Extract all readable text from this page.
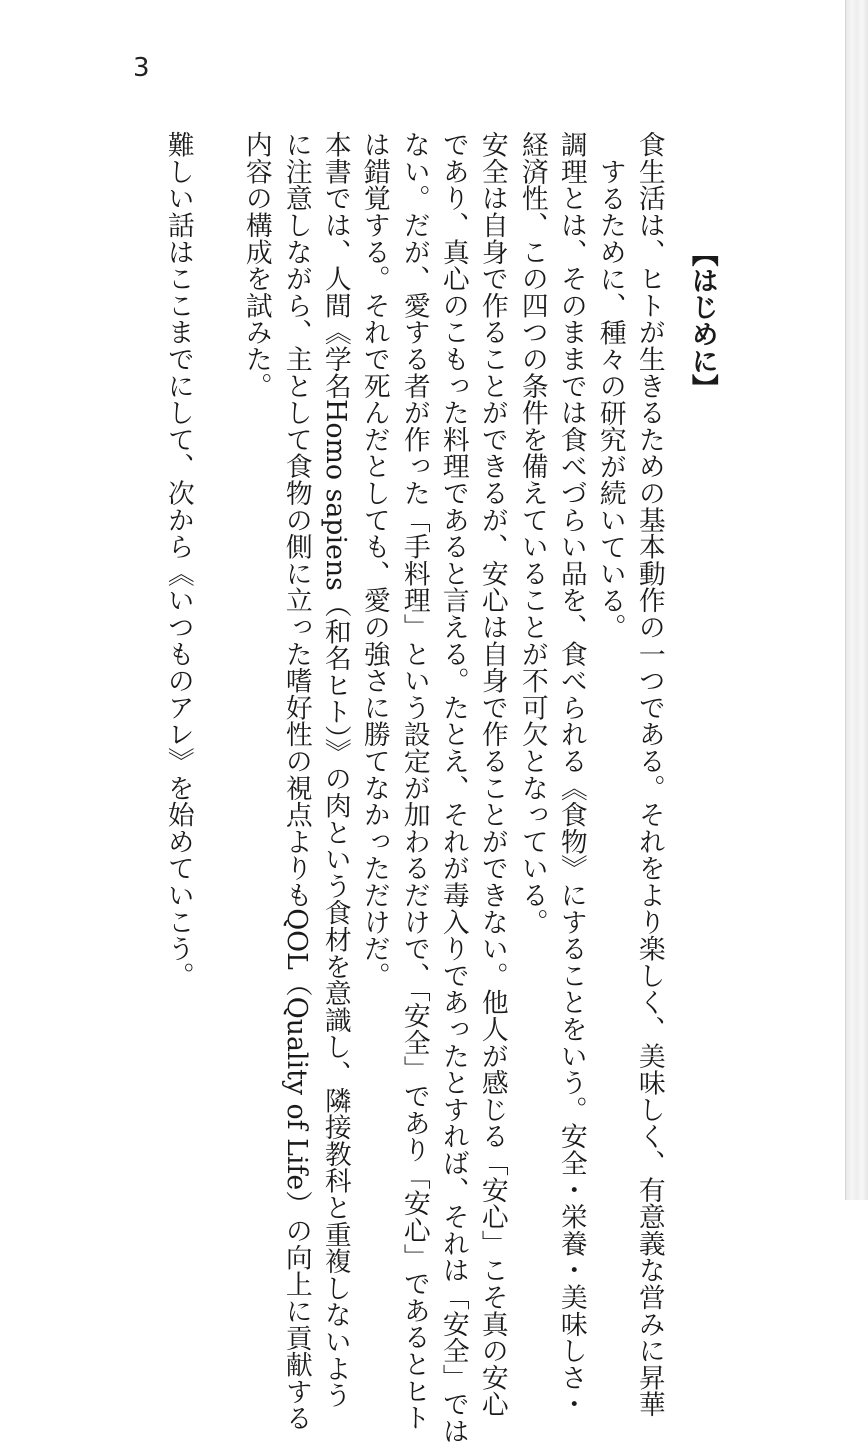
3
【はじめに】
食生活は、ヒトが生きるための基本動作の一つである。それをより楽しく、美味しく、有意義な営みに昇華
するために、種々の研究が続いている。
調理とは、そのままでは食べづらい品を、食べられる《食物》にすることをいう。安全・栄養・美味しさ・
経済性、この四つの条件を備えていることが不可欠となっている。
安全は自身で作ることができるが、安心は自身で作ることができない。他人が感じる「安心」こそ真の安心
であり、真心のこもった料理であると言える。たとえ、それが毒入りであったとすれば、それは「安全」では
ない。だが、愛する者が作った「手料理」という設定が加わるだけで、「安全」であり「安心」であるとヒト
は錯覚する。それで死んだとしても、愛の強さに勝てなかっただけだ。
本書では、人間《学名Homo sapiens（和名ヒト）》の肉という食材を意識し、隣接教科と重複しないよう
に注意しながら、主として食物の側に立った嗜好性の視点よりもQOL（Quality of Life）の向上に貢献する
内容の構成を試みた。
難しい話はここまでにして、次から《いつものアレ》を始めていこう。
